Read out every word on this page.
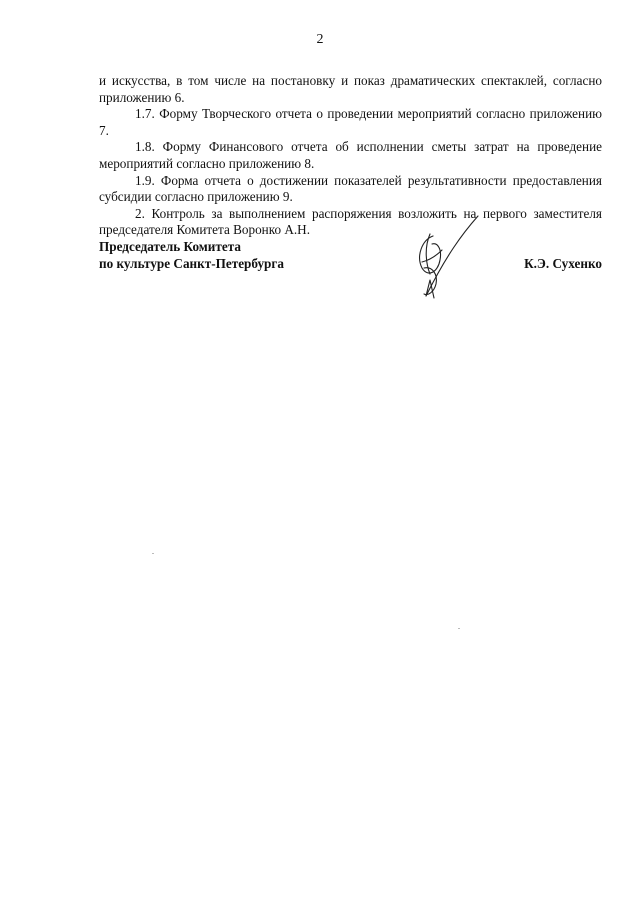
2

и искусства, в том числе на постановку и показ драматических спектаклей, согласно приложению 6.

1.7. Форму Творческого отчета о проведении мероприятий согласно приложению 7.

1.8. Форму Финансового отчета об исполнении сметы затрат на проведение мероприятий согласно приложению 8.

1.9. Форма отчета о достижении показателей результативности предоставления субсидии согласно приложению 9.

2. Контроль за выполнением распоряжения возложить на первого заместителя председателя Комитета Воронко А.Н.

Председатель Комитета
по культуре Санкт-Петербурга	К.Э. Сухенко
